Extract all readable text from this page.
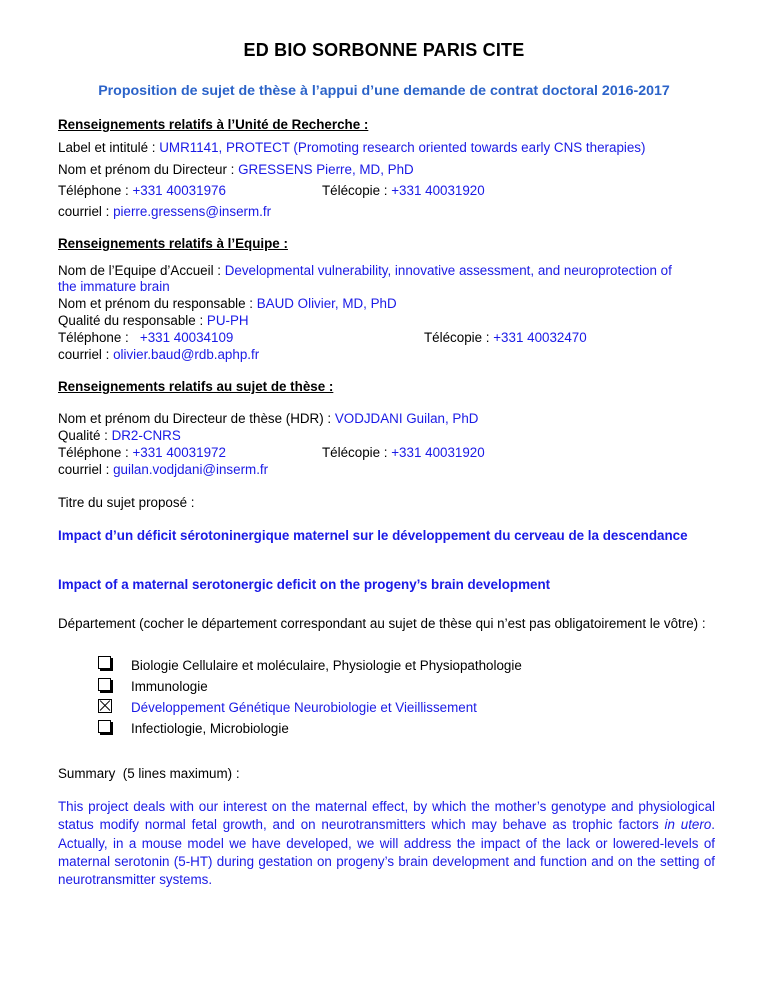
ED BIO SORBONNE PARIS CITE
Proposition de sujet de thèse à l’appui d’une demande de contrat doctoral 2016-2017
Renseignements relatifs à l’Unité de Recherche :
Label et intitulé : UMR1141, PROTECT (Promoting research oriented towards early CNS therapies)
Nom et prénom du Directeur : GRESSENS Pierre, MD, PhD
Téléphone : +331 40031976	Télécopie : +331 40031920
courriel : pierre.gressens@inserm.fr
Renseignements relatifs à l’Equipe :
Nom de l’Equipe d’Accueil : Developmental vulnerability, innovative assessment, and neuroprotection of
the immature brain
Nom et prénom du responsable : BAUD Olivier, MD, PhD
Qualité du responsable : PU-PH
Téléphone :   +331 40034109	Télécopie : +331 40032470
courriel : olivier.baud@rdb.aphp.fr
Renseignements relatifs au sujet de thèse :
Nom et prénom du Directeur de thèse (HDR) : VODJDANI Guilan, PhD
Qualité : DR2-CNRS
Téléphone : +331 40031972	Télécopie : +331 40031920
courriel : guilan.vodjdani@inserm.fr
Titre du sujet proposé :
Impact d’un déficit sérotoninergique maternel sur le développement du cerveau de la descendance
Impact of a maternal serotonergic deficit on the progeny’s brain development
Département (cocher le département correspondant au sujet de thèse qui n’est pas obligatoirement le vôtre) :
Biologie Cellulaire et moléculaire, Physiologie et Physiopathologie
Immunologie
Développement Génétique Neurobiologie et Vieillissement
Infectiologie, Microbiologie
Summary  (5 lines maximum) :
This project deals with our interest on the maternal effect, by which the mother’s genotype and physiological status modify normal fetal growth, and on neurotransmitters which may behave as trophic factors in utero. Actually, in a mouse model we have developed, we will address the impact of the lack or lowered-levels of maternal serotonin (5-HT) during gestation on progeny’s brain development and function and on the setting of neurotransmitter systems.
